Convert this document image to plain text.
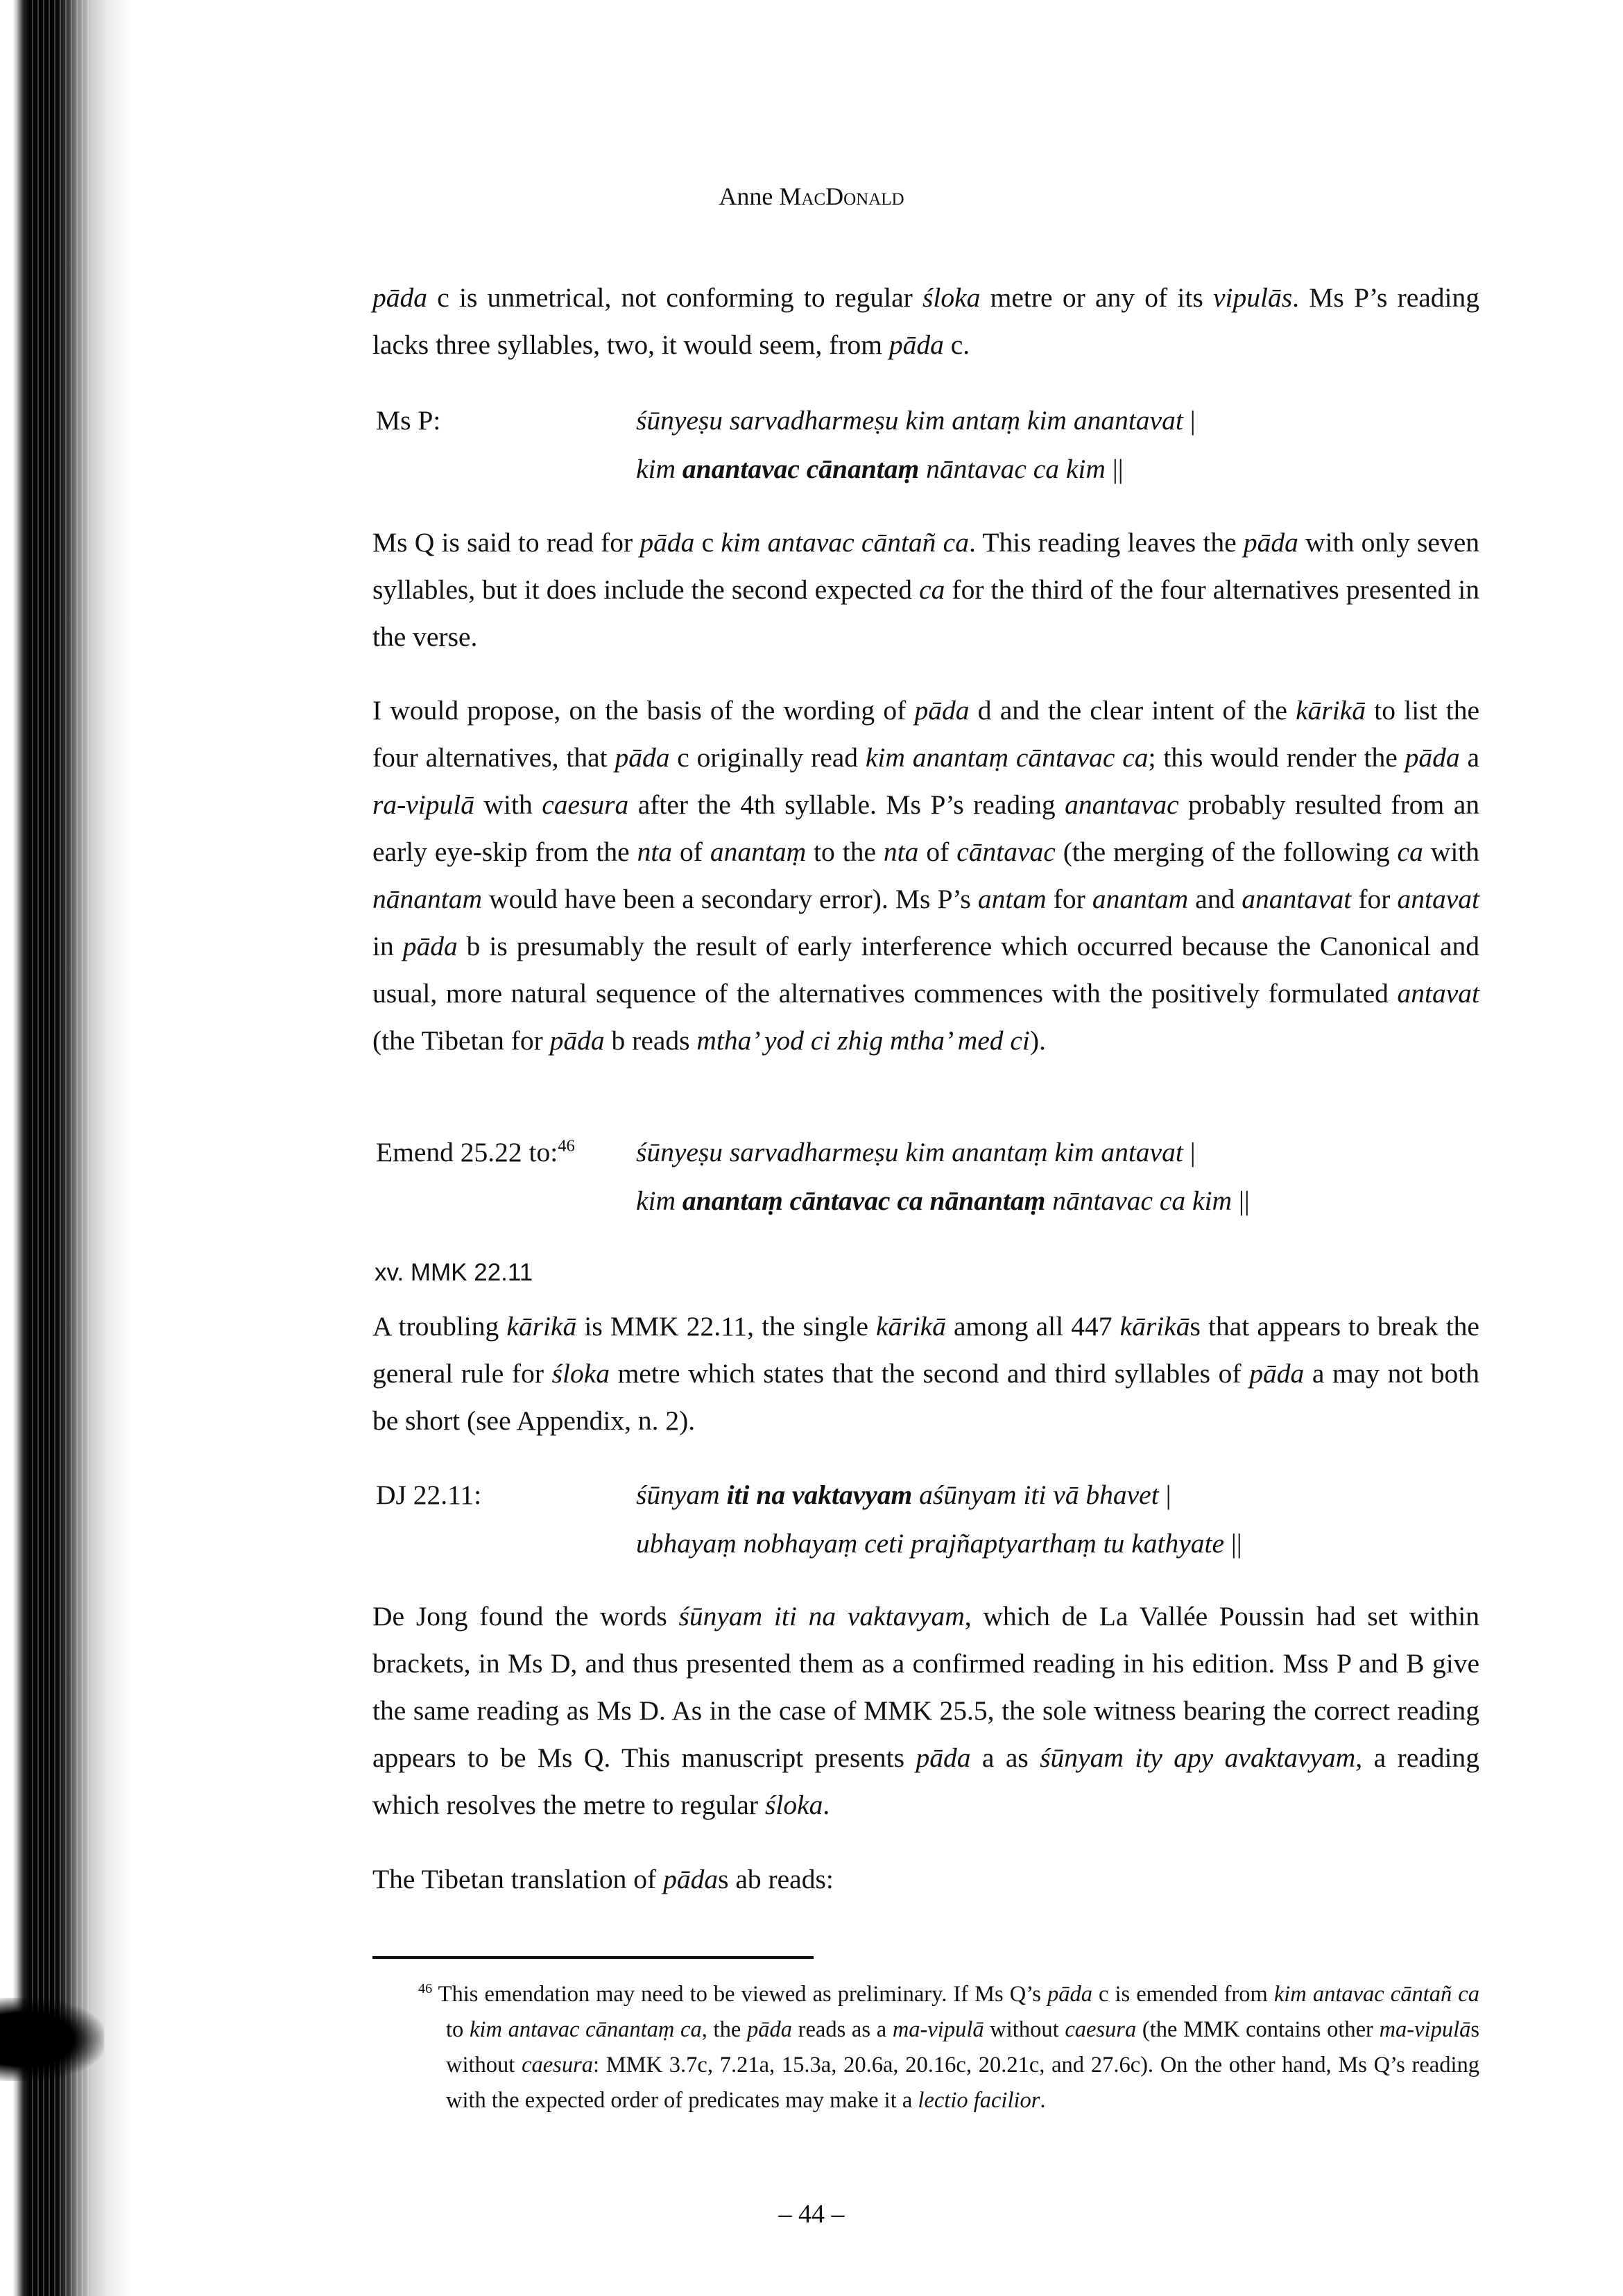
Anne MacDonald
pāda c is unmetrical, not conforming to regular śloka metre or any of its vipulās. Ms P’s reading lacks three syllables, two, it would seem, from pāda c.
Ms P:	śūnyeṣu sarvadharmeṣu kim antaṃ kim anantavat |
kim anantavac cānantaṃ nāntavac ca kim ||
Ms Q is said to read for pāda c kim antavac cāntañ ca. This reading leaves the pāda with only seven syllables, but it does include the second expected ca for the third of the four alternatives presented in the verse.
I would propose, on the basis of the wording of pāda d and the clear intent of the kārikā to list the four alternatives, that pāda c originally read kim anantaṃ cāntavac ca; this would render the pāda a ra-vipulā with caesura after the 4th syllable. Ms P’s reading anantavac probably resulted from an early eye-skip from the nta of anantaṃ to the nta of cāntavac (the merging of the following ca with nānantam would have been a secondary error). Ms P’s antam for anantam and anantavat for antavat in pāda b is presumably the result of early interference which occurred because the Canonical and usual, more natural sequence of the alternatives commences with the positively formulated antavat (the Tibetan for pāda b reads mtha’ yod ci zhig mtha’ med ci).
Emend 25.22 to:$^{46}$ śūnyeṣu sarvadharmeṣu kim anantaṃ kim antavat |
kim anantaṃ cāntavac ca nānantaṃ nāntavac ca kim ||
xv. MMK 22.11
A troubling kārikā is MMK 22.11, the single kārikā among all 447 kārikās that appears to break the general rule for śloka metre which states that the second and third syllables of pāda a may not both be short (see Appendix, n. 2).
DJ 22.11:	śūnyam iti na vaktavyam aśūnyam iti vā bhavet |
ubhayaṃ nobhayaṃ ceti prajñaptyarthaṃ tu kathyate ||
De Jong found the words śūnyam iti na vaktavyam, which de La Vallée Poussin had set within brackets, in Ms D, and thus presented them as a confirmed reading in his edition. Mss P and B give the same reading as Ms D. As in the case of MMK 25.5, the sole witness bearing the correct reading appears to be Ms Q. This manuscript presents pāda a as śūnyam ity apy avaktavyam, a reading which resolves the metre to regular śloka.
The Tibetan translation of pādas ab reads:
$^{46}$ This emendation may need to be viewed as preliminary. If Ms Q’s pāda c is emended from kim antavac cāntañ ca to kim antavac cānantaṃ ca, the pāda reads as a ma-vipulā without caesura (the MMK contains other ma-vipulās without caesura: MMK 3.7c, 7.21a, 15.3a, 20.6a, 20.16c, 20.21c, and 27.6c). On the other hand, Ms Q’s reading with the expected order of predicates may make it a lectio facilior.
– 44 –
